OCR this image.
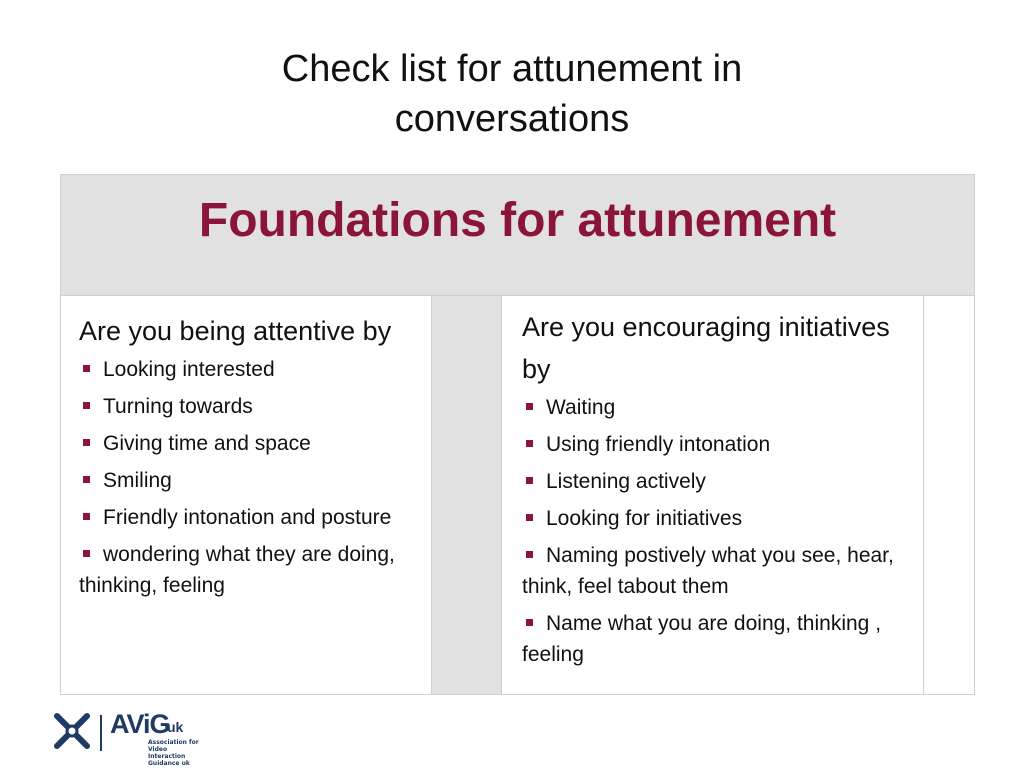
Check list for attunement in
conversations
Foundations for attunement

Are you being attentive by

Looking interested
Turning towards
Giving time and space
Smiling
Friendly intonation and posture
wondering what they are doing, thinking, feeling

Are you encouraging initiatives by

Waiting
Using friendly intonation
Listening actively
Looking for initiatives
Naming postively what you see, hear, think, feel tabout them
Name what you are doing, thinking , feeling

AViG
uk
Association for Video Interaction Guidance uk
